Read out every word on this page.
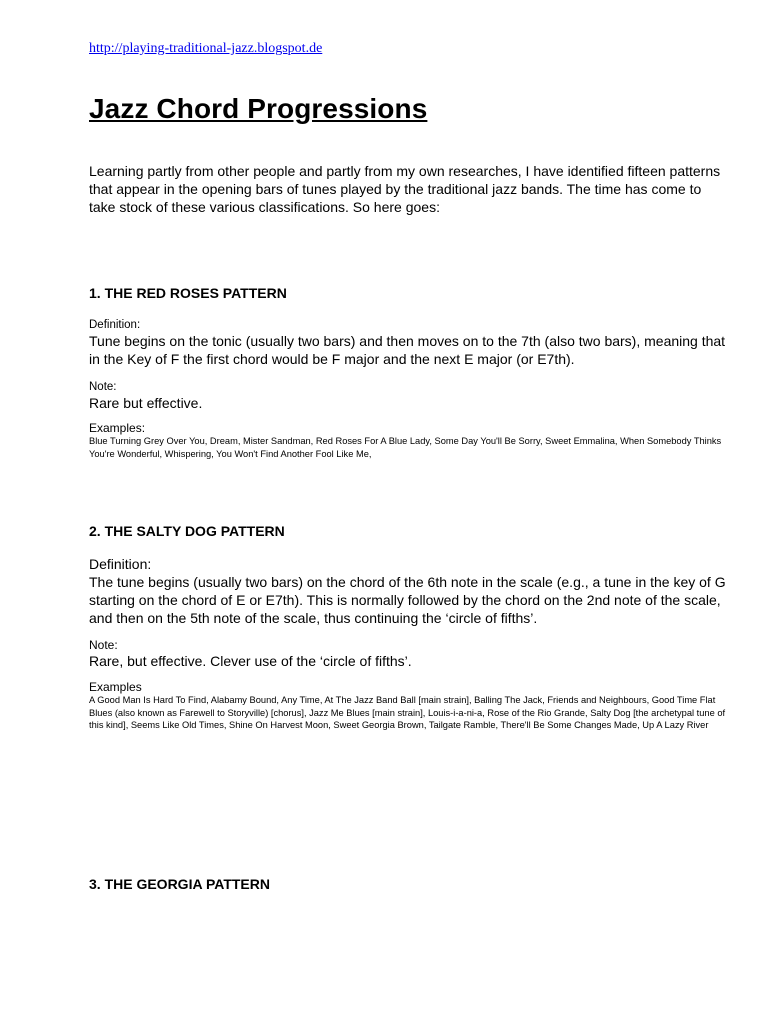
http://playing-traditional-jazz.blogspot.de
Jazz Chord Progressions

Learning partly from other people and partly from my own researches, I have identified fifteen patterns that appear in the opening bars of tunes played by the traditional jazz bands. The time has come to take stock of these various classifications. So here goes:

1. THE RED ROSES PATTERN

Definition:

Tune begins on the tonic (usually two bars) and then moves on to the 7th (also two bars), meaning that in the Key of F the first chord would be F major and the next E major (or E7th).

Note:

Rare but effective.

Examples:

Blue Turning Grey Over You, Dream, Mister Sandman, Red Roses For A Blue Lady, Some Day You'll Be Sorry, Sweet Emmalina, When Somebody Thinks You're Wonderful, Whispering, You Won't Find Another Fool Like Me,

2. THE SALTY DOG PATTERN

Definition:

The tune begins (usually two bars) on the chord of the 6th note in the scale (e.g., a tune in the key of G starting on the chord of E or E7th). This is normally followed by the chord on the 2nd note of the scale, and then on the 5th note of the scale, thus continuing the ‘circle of fifths’.

Note:

Rare, but effective. Clever use of the ‘circle of fifths’.

Examples

A Good Man Is Hard To Find, Alabamy Bound, Any Time, At The Jazz Band Ball [main strain], Balling The Jack, Friends and Neighbours, Good Time Flat Blues (also known as Farewell to Storyville) [chorus], Jazz Me Blues [main strain], Louis-i-a-ni-a, Rose of the Rio Grande, Salty Dog [the archetypal tune of this kind], Seems Like Old Times, Shine On Harvest Moon, Sweet Georgia Brown, Tailgate Ramble, There'll Be Some Changes Made, Up A Lazy River

3. THE GEORGIA PATTERN
